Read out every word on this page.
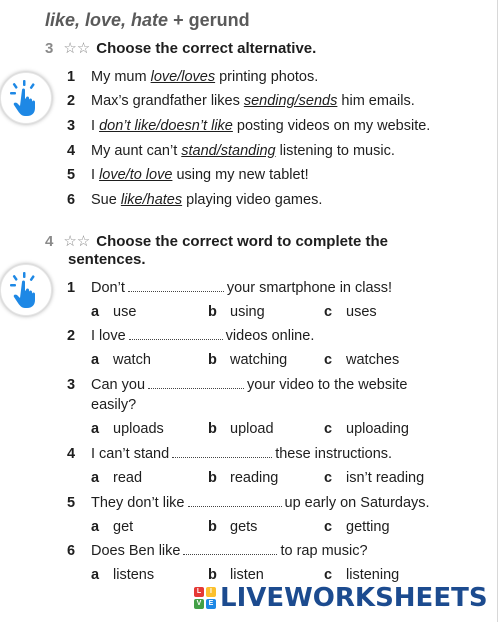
like, love, hate + gerund
3 ☆☆ Choose the correct alternative.
1 My mum love/loves printing photos.
2 Max’s grandfather likes sending/sends him emails.
3 I don’t like/doesn’t like posting videos on my website.
4 My aunt can’t stand/standing listening to music.
5 I love/to love using my new tablet!
6 Sue like/hates playing video games.
4 ☆☆ Choose the correct word to complete the
sentences.
1 Don’t	your smartphone in class!
a use	b using	c uses
2 I love	videos online.
a watch	b watching	c watches
3 Can you	your video to the website
easily?
a uploads	b upload	c uploading
4 I can’t stand	these instructions.
a read	b reading	c isn’t reading
5 They don’t like	up early on Saturdays.
a get	b gets	c getting
6 Does Ben like	to rap music?
a listens	b listen	c listening
L	I
V	E LIVEWORKSHEETS
